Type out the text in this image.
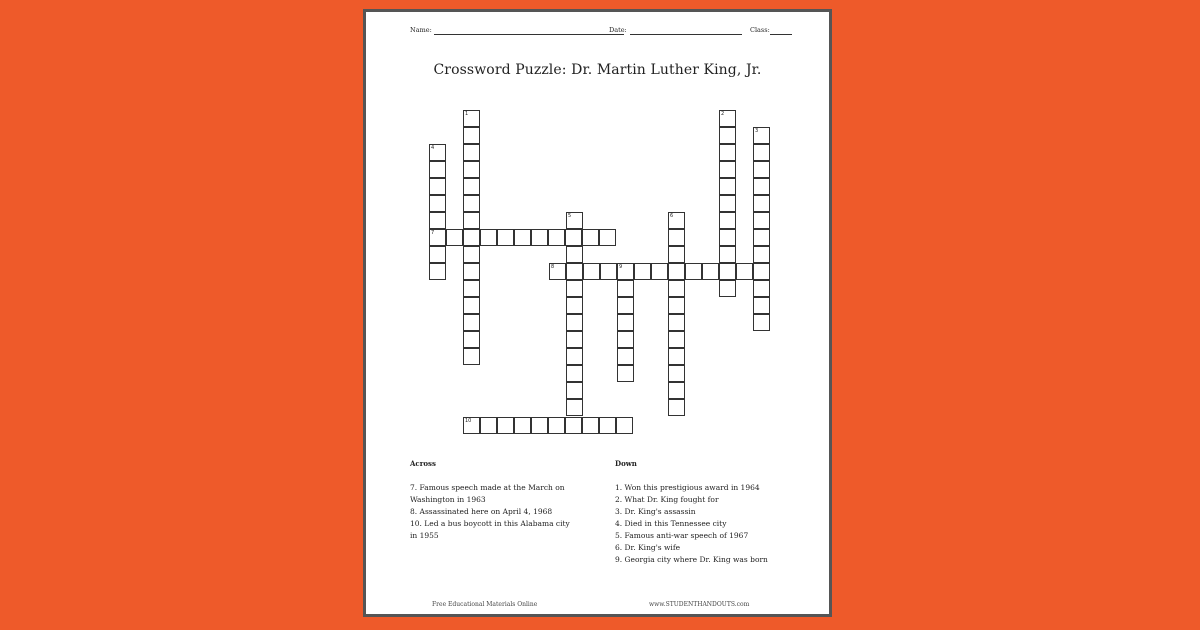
Name:	Date:	Class:
Crossword Puzzle: Dr. Martin Luther King, Jr.
1	2
3
4
7
5	6
9
8
10
Across
7. Famous speech made at the March on
Washington in 1963
8. Assassinated here on April 4, 1968
10. Led a bus boycott in this Alabama city
in 1955
Down
1. Won this prestigious award in 1964
2. What Dr. King fought for
3. Dr. King's assassin
4. Died in this Tennessee city
5. Famous anti-war speech of 1967
6. Dr. King's wife
9. Georgia city where Dr. King was born
Free Educational Materials Online	www.STUDENTHANDOUTS.com
